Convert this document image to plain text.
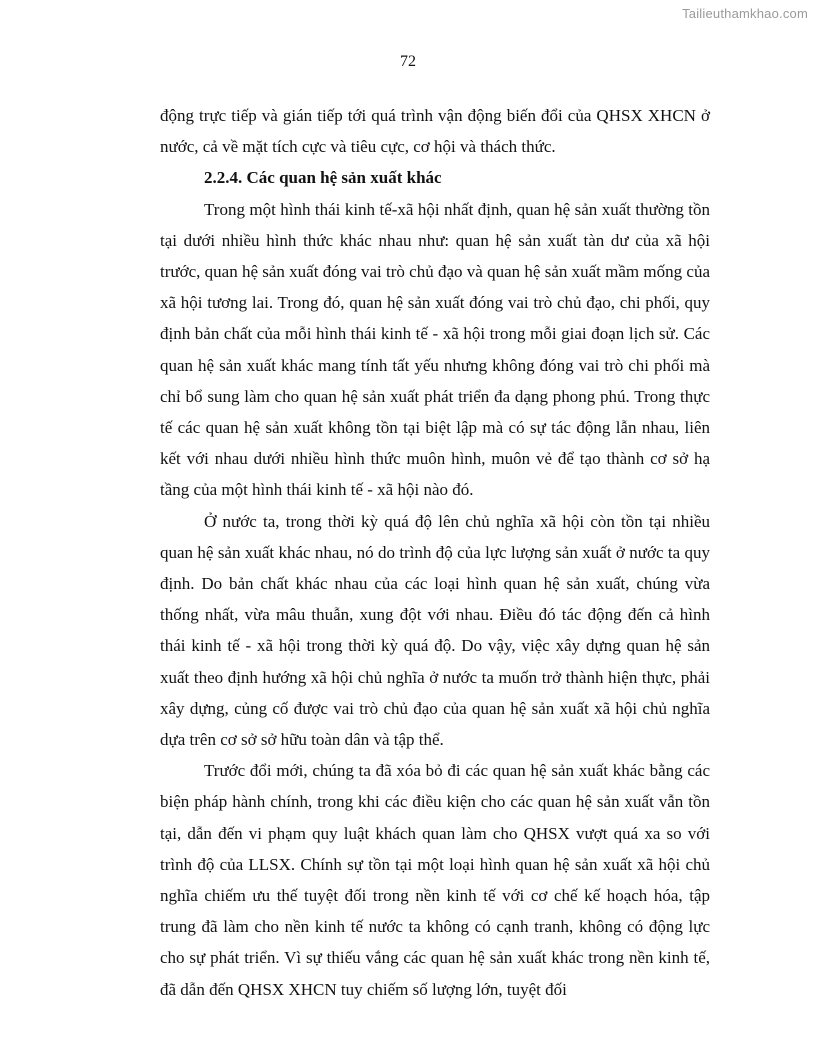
Tailieuthamkhao.com
72

động trực tiếp và gián tiếp tới quá trình vận động biến đổi của QHSX XHCN ở nước, cả về mặt tích cực và tiêu cực, cơ hội và thách thức.

2.2.4. Các quan hệ sản xuất khác

Trong một hình thái kinh tế-xã hội nhất định, quan hệ sản xuất thường tồn tại dưới nhiều hình thức khác nhau như: quan hệ sản xuất tàn dư của xã hội trước, quan hệ sản xuất đóng vai trò chủ đạo và quan hệ sản xuất mầm mống của xã hội tương lai. Trong đó, quan hệ sản xuất đóng vai trò chủ đạo, chi phối, quy định bản chất của mỗi hình thái kinh tế - xã hội trong mỗi giai đoạn lịch sử. Các quan hệ sản xuất khác mang tính tất yếu nhưng không đóng vai trò chi phối mà chỉ bổ sung làm cho quan hệ sản xuất phát triển đa dạng phong phú. Trong thực tế các quan hệ sản xuất không tồn tại biệt lập mà có sự tác động lẫn nhau, liên kết với nhau dưới nhiều hình thức muôn hình, muôn vẻ để tạo thành cơ sở hạ tầng của một hình thái kinh tế - xã hội nào đó.

Ở nước ta, trong thời kỳ quá độ lên chủ nghĩa xã hội còn tồn tại nhiều quan hệ sản xuất khác nhau, nó do trình độ của lực lượng sản xuất ở nước ta quy định. Do bản chất khác nhau của các loại hình quan hệ sản xuất, chúng vừa thống nhất, vừa mâu thuẫn, xung đột với nhau. Điều đó tác động đến cả hình thái kinh tế - xã hội trong thời kỳ quá độ. Do vậy, việc xây dựng quan hệ sản xuất theo định hướng xã hội chủ nghĩa ở nước ta muốn trở thành hiện thực, phải xây dựng, củng cố được vai trò chủ đạo của quan hệ sản xuất xã hội chủ nghĩa dựa trên cơ sở sở hữu toàn dân và tập thể.

Trước đổi mới, chúng ta đã xóa bỏ đi các quan hệ sản xuất khác bằng các biện pháp hành chính, trong khi các điều kiện cho các quan hệ sản xuất vẫn tồn tại, dẫn đến vi phạm quy luật khách quan làm cho QHSX vượt quá xa so với trình độ của LLSX. Chính sự tồn tại một loại hình quan hệ sản xuất xã hội chủ nghĩa chiếm ưu thế tuyệt đối trong nền kinh tế với cơ chế kế hoạch hóa, tập trung đã làm cho nền kinh tế nước ta không có cạnh tranh, không có động lực cho sự phát triển. Vì sự thiếu vắng các quan hệ sản xuất khác trong nền kinh tế, đã dẫn đến QHSX XHCN tuy chiếm số lượng lớn, tuyệt đối
